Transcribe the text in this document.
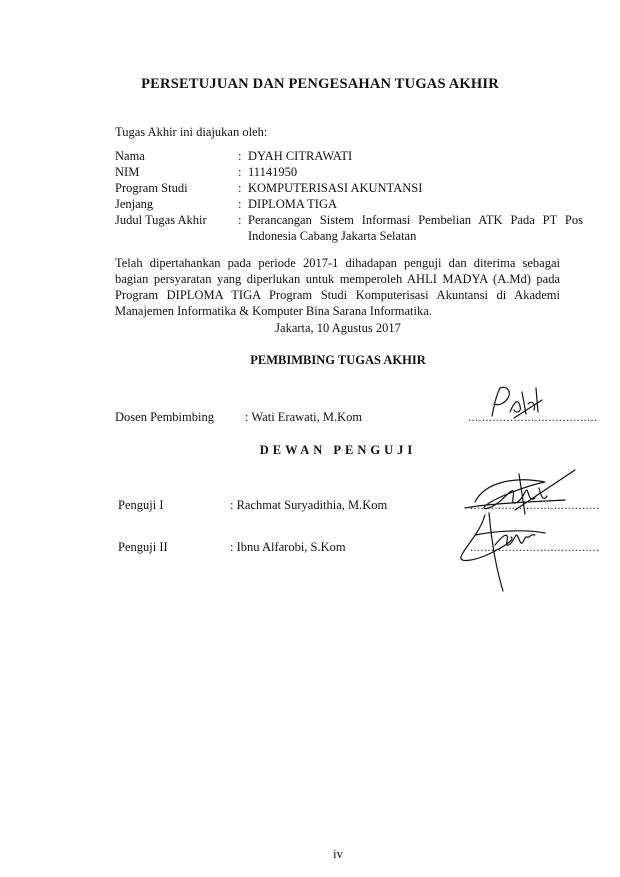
PERSETUJUAN DAN PENGESAHAN TUGAS AKHIR
Tugas Akhir ini diajukan oleh:
Nama	: DYAH CITRAWATI
NIM	: 11141950
Program Studi	: KOMPUTERISASI AKUNTANSI
Jenjang	: DIPLOMA TIGA
Judul Tugas Akhir	: Perancangan Sistem Informasi Pembelian ATK Pada PT Pos Indonesia Cabang Jakarta Selatan
Telah dipertahankan pada periode 2017-1 dihadapan penguji dan diterima sebagai bagian persyaratan yang diperlukan untuk memperoleh AHLI MADYA (A.Md) pada Program DIPLOMA TIGA Program Studi Komputerisasi Akuntansi di Akademi Manajemen Informatika & Komputer Bina Sarana Informatika.
Jakarta, 10 Agustus 2017
PEMBIMBING TUGAS AKHIR
Dosen Pembimbing : Wati Erawati, M.Kom	.....................................
DEWAN PENGUJI
Penguji I	: Rachmat Suryadithia, M.Kom	.....................................
Penguji II	: Ibnu Alfarobi, S.Kom	.....................................
iv
